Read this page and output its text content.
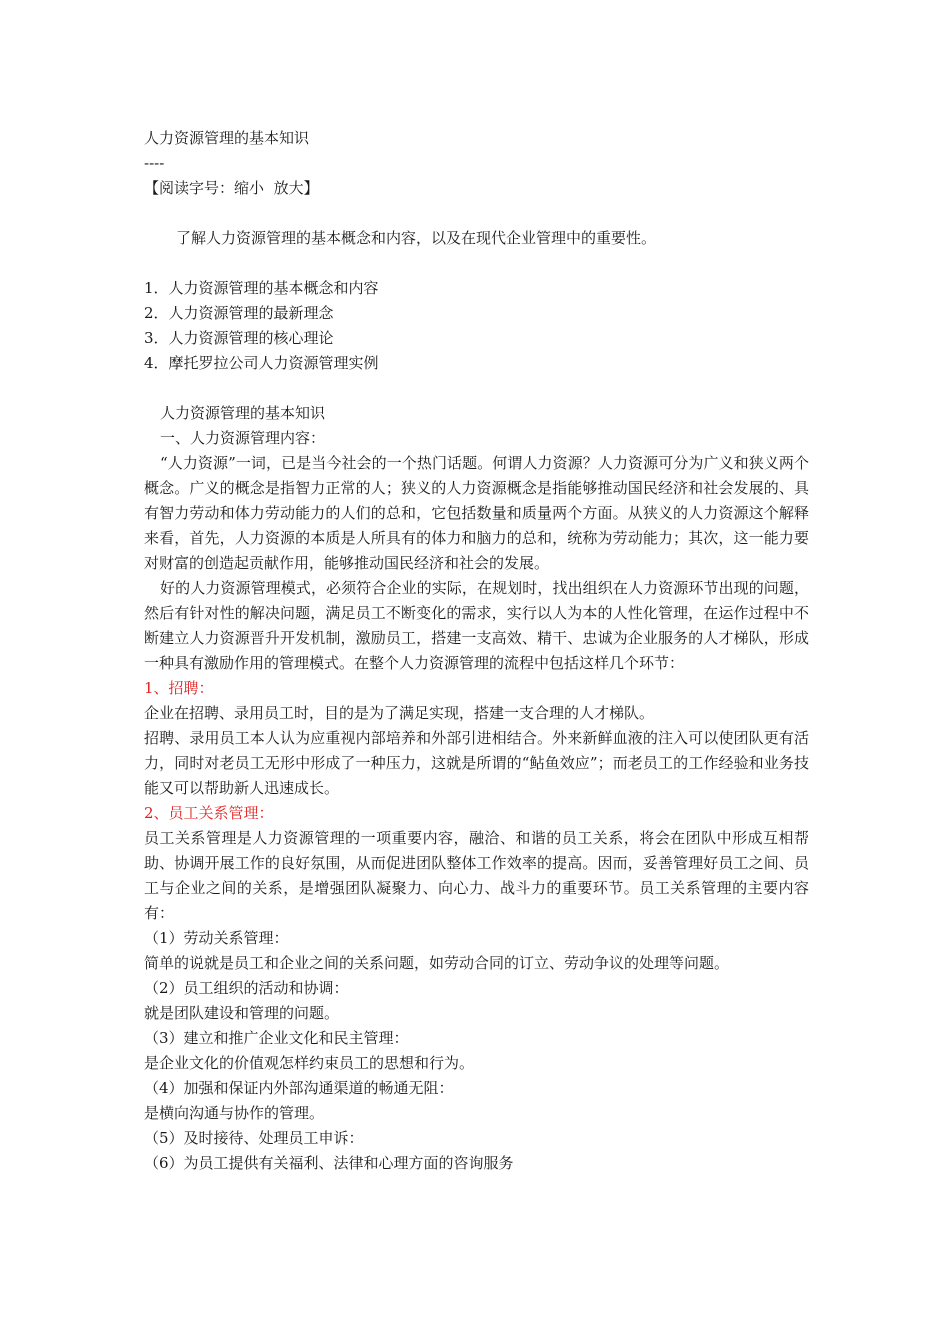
人力资源管理的基本知识
----
【阅读字号：缩小 放大】
了解人力资源管理的基本概念和内容，以及在现代企业管理中的重要性。
1．人力资源管理的基本概念和内容
2．人力资源管理的最新理念
3．人力资源管理的核心理论
4．摩托罗拉公司人力资源管理实例
人力资源管理的基本知识
一、人力资源管理内容：
“人力资源”一词，已是当今社会的一个热门话题。何谓人力资源？人力资源可分为广义和狭义两个概念。广义的概念是指智力正常的人；狭义的人力资源概念是指能够推动国民经济和社会发展的、具有智力劳动和体力劳动能力的人们的总和，它包括数量和质量两个方面。从狭义的人力资源这个解释来看，首先，人力资源的本质是人所具有的体力和脑力的总和，统称为劳动能力；其次，这一能力要对财富的创造起贡献作用，能够推动国民经济和社会的发展。
好的人力资源管理模式，必须符合企业的实际，在规划时，找出组织在人力资源环节出现的问题，然后有针对性的解决问题，满足员工不断变化的需求，实行以人为本的人性化管理，在运作过程中不断建立人力资源晋升开发机制，激励员工，搭建一支高效、精干、忠诚为企业服务的人才梯队，形成一种具有激励作用的管理模式。在整个人力资源管理的流程中包括这样几个环节：
1、招聘：
企业在招聘、录用员工时，目的是为了满足实现，搭建一支合理的人才梯队。
招聘、录用员工本人认为应重视内部培养和外部引进相结合。外来新鲜血液的注入可以使团队更有活力，同时对老员工无形中形成了一种压力，这就是所谓的“鲇鱼效应”；而老员工的工作经验和业务技能又可以帮助新人迅速成长。
2、员工关系管理：
员工关系管理是人力资源管理的一项重要内容，融洽、和谐的员工关系，将会在团队中形成互相帮助、协调开展工作的良好氛围，从而促进团队整体工作效率的提高。因而，妥善管理好员工之间、员工与企业之间的关系，是增强团队凝聚力、向心力、战斗力的重要环节。员工关系管理的主要内容有：
（1）劳动关系管理：
简单的说就是员工和企业之间的关系问题，如劳动合同的订立、劳动争议的处理等问题。
（2）员工组织的活动和协调：
就是团队建设和管理的问题。
（3）建立和推广企业文化和民主管理：
是企业文化的价值观怎样约束员工的思想和行为。
（4）加强和保证内外部沟通渠道的畅通无阻：
是横向沟通与协作的管理。
（5）及时接待、处理员工申诉：
（6）为员工提供有关福利、法律和心理方面的咨询服务
